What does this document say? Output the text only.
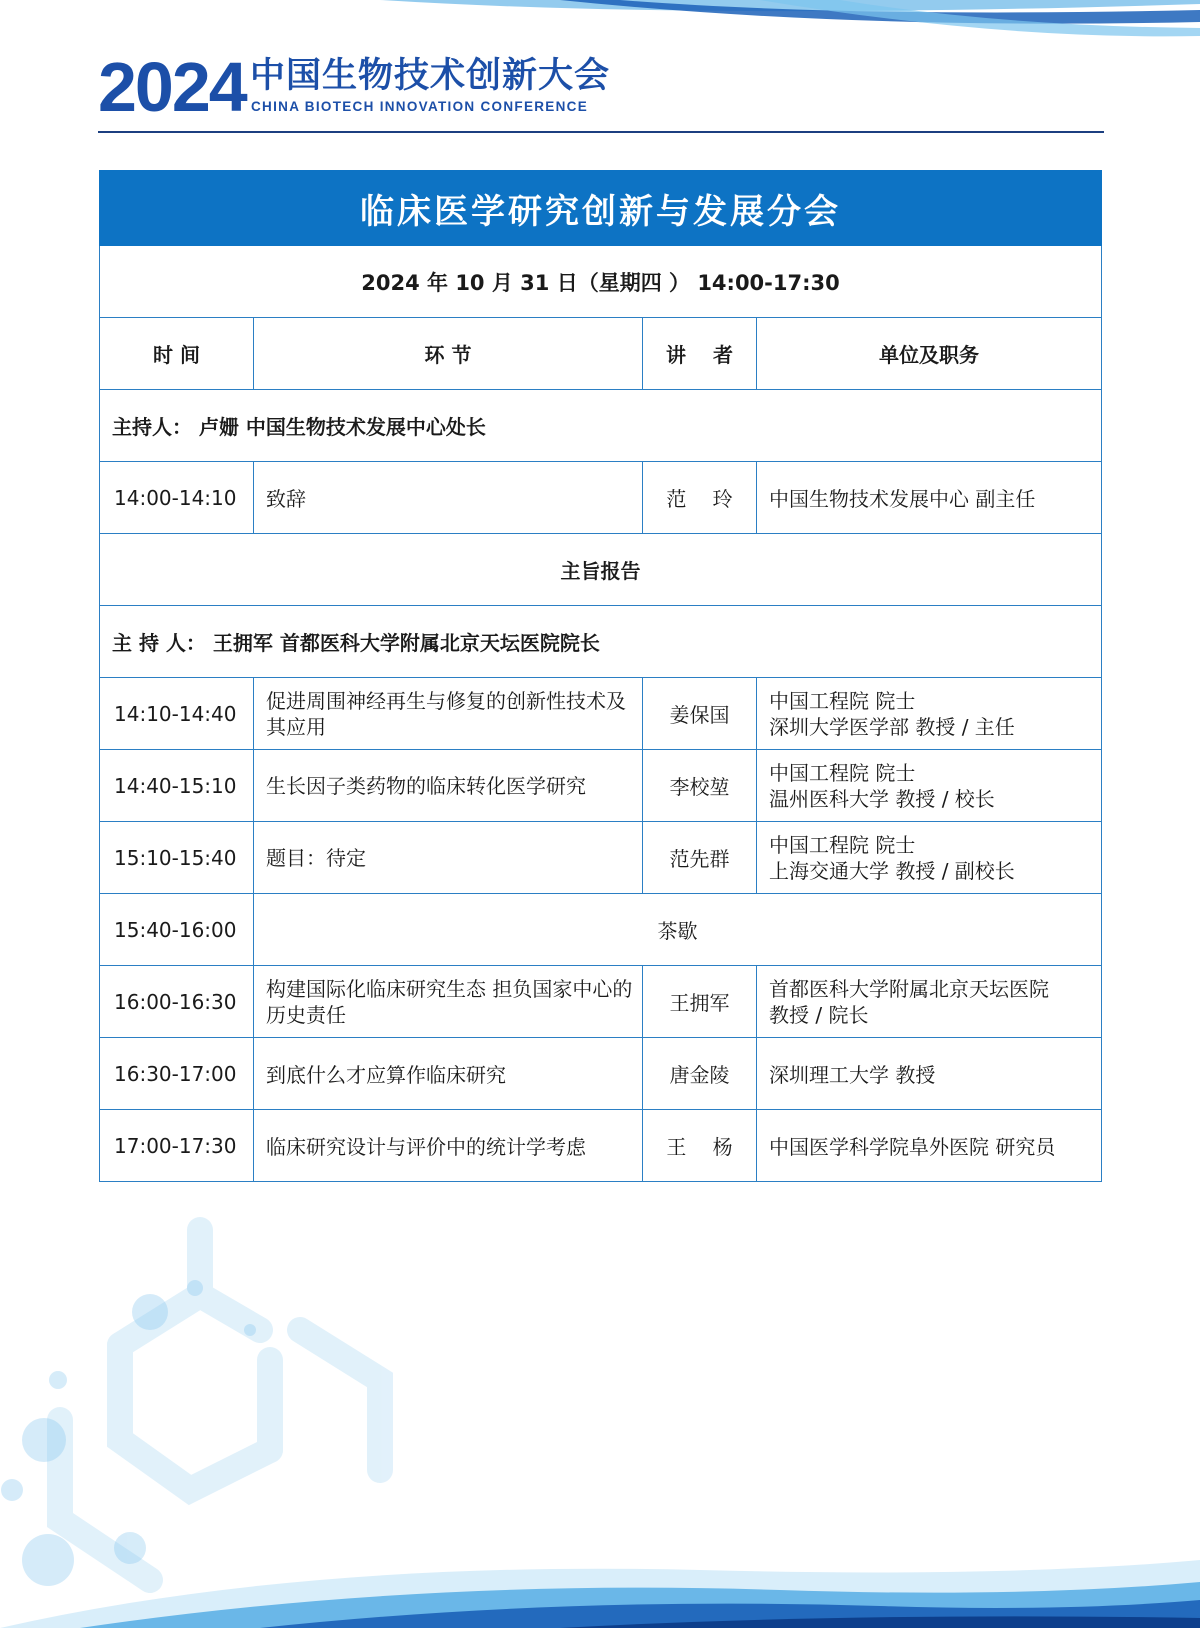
2024 中国生物技术创新大会
CHINA BIOTECH INNOVATION CONFERENCE
临床医学研究创新与发展分会			
2024 年 10 月 31 日（星期四 ） 14:00-17:30			
时 间	环 节	讲　 者	单位及职务
主持人： 卢姗 中国生物技术发展中心处长			
14:00-14:10	致辞	范　 玲	中国生物技术发展中心 副主任
主旨报告			
主 持 人： 王拥军 首都医科大学附属北京天坛医院院长			
14:10-14:40	促进周围神经再生与修复的创新性技术及其应用	姜保国	中国工程院 院士
深圳大学医学部 教授 / 主任

14:40-15:10	生长因子类药物的临床转化医学研究	李校堃	中国工程院 院士
温州医科大学 教授 / 校长

15:10-15:40	题目：待定	范先群	中国工程院 院士
上海交通大学 教授 / 副校长

15:40-16:00	茶歇		
16:00-16:30	构建国际化临床研究生态 担负国家中心的历史责任	王拥军	首都医科大学附属北京天坛医院
教授 / 院长

16:30-17:00	到底什么才应算作临床研究	唐金陵	深圳理工大学 教授
17:00-17:30	临床研究设计与评价中的统计学考虑	王　 杨	中国医学科学院阜外医院 研究员
